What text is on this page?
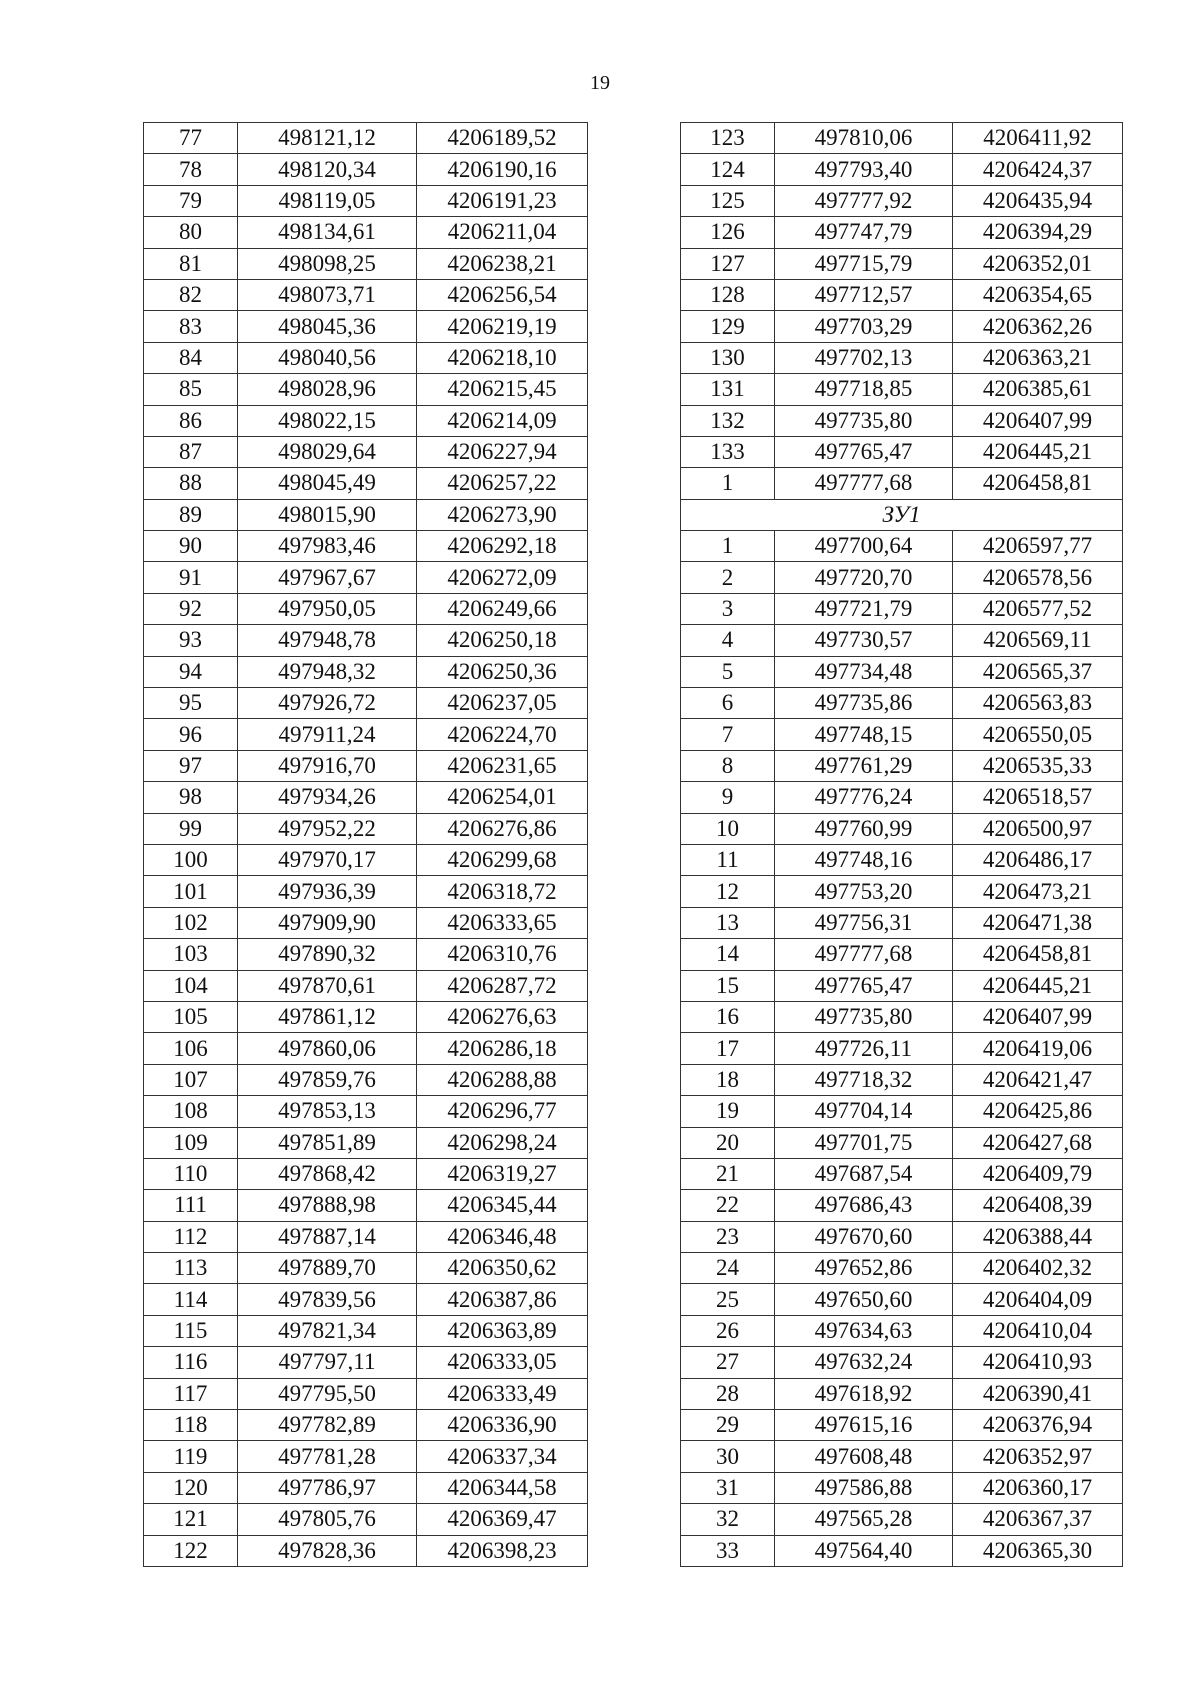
19
77	498121,12	4206189,52
78	498120,34	4206190,16
79	498119,05	4206191,23
80	498134,61	4206211,04
81	498098,25	4206238,21
82	498073,71	4206256,54
83	498045,36	4206219,19
84	498040,56	4206218,10
85	498028,96	4206215,45
86	498022,15	4206214,09
87	498029,64	4206227,94
88	498045,49	4206257,22
89	498015,90	4206273,90
90	497983,46	4206292,18
91	497967,67	4206272,09
92	497950,05	4206249,66
93	497948,78	4206250,18
94	497948,32	4206250,36
95	497926,72	4206237,05
96	497911,24	4206224,70
97	497916,70	4206231,65
98	497934,26	4206254,01
99	497952,22	4206276,86
100	497970,17	4206299,68
101	497936,39	4206318,72
102	497909,90	4206333,65
103	497890,32	4206310,76
104	497870,61	4206287,72
105	497861,12	4206276,63
106	497860,06	4206286,18
107	497859,76	4206288,88
108	497853,13	4206296,77
109	497851,89	4206298,24
110	497868,42	4206319,27
111	497888,98	4206345,44
112	497887,14	4206346,48
113	497889,70	4206350,62
114	497839,56	4206387,86
115	497821,34	4206363,89
116	497797,11	4206333,05
117	497795,50	4206333,49
118	497782,89	4206336,90
119	497781,28	4206337,34
120	497786,97	4206344,58
121	497805,76	4206369,47
122	497828,36	4206398,23
123	497810,06	4206411,92
124	497793,40	4206424,37
125	497777,92	4206435,94
126	497747,79	4206394,29
127	497715,79	4206352,01
128	497712,57	4206354,65
129	497703,29	4206362,26
130	497702,13	4206363,21
131	497718,85	4206385,61
132	497735,80	4206407,99
133	497765,47	4206445,21
1	497777,68	4206458,81
ЗУ1		
1	497700,64	4206597,77
2	497720,70	4206578,56
3	497721,79	4206577,52
4	497730,57	4206569,11
5	497734,48	4206565,37
6	497735,86	4206563,83
7	497748,15	4206550,05
8	497761,29	4206535,33
9	497776,24	4206518,57
10	497760,99	4206500,97
11	497748,16	4206486,17
12	497753,20	4206473,21
13	497756,31	4206471,38
14	497777,68	4206458,81
15	497765,47	4206445,21
16	497735,80	4206407,99
17	497726,11	4206419,06
18	497718,32	4206421,47
19	497704,14	4206425,86
20	497701,75	4206427,68
21	497687,54	4206409,79
22	497686,43	4206408,39
23	497670,60	4206388,44
24	497652,86	4206402,32
25	497650,60	4206404,09
26	497634,63	4206410,04
27	497632,24	4206410,93
28	497618,92	4206390,41
29	497615,16	4206376,94
30	497608,48	4206352,97
31	497586,88	4206360,17
32	497565,28	4206367,37
33	497564,40	4206365,30
